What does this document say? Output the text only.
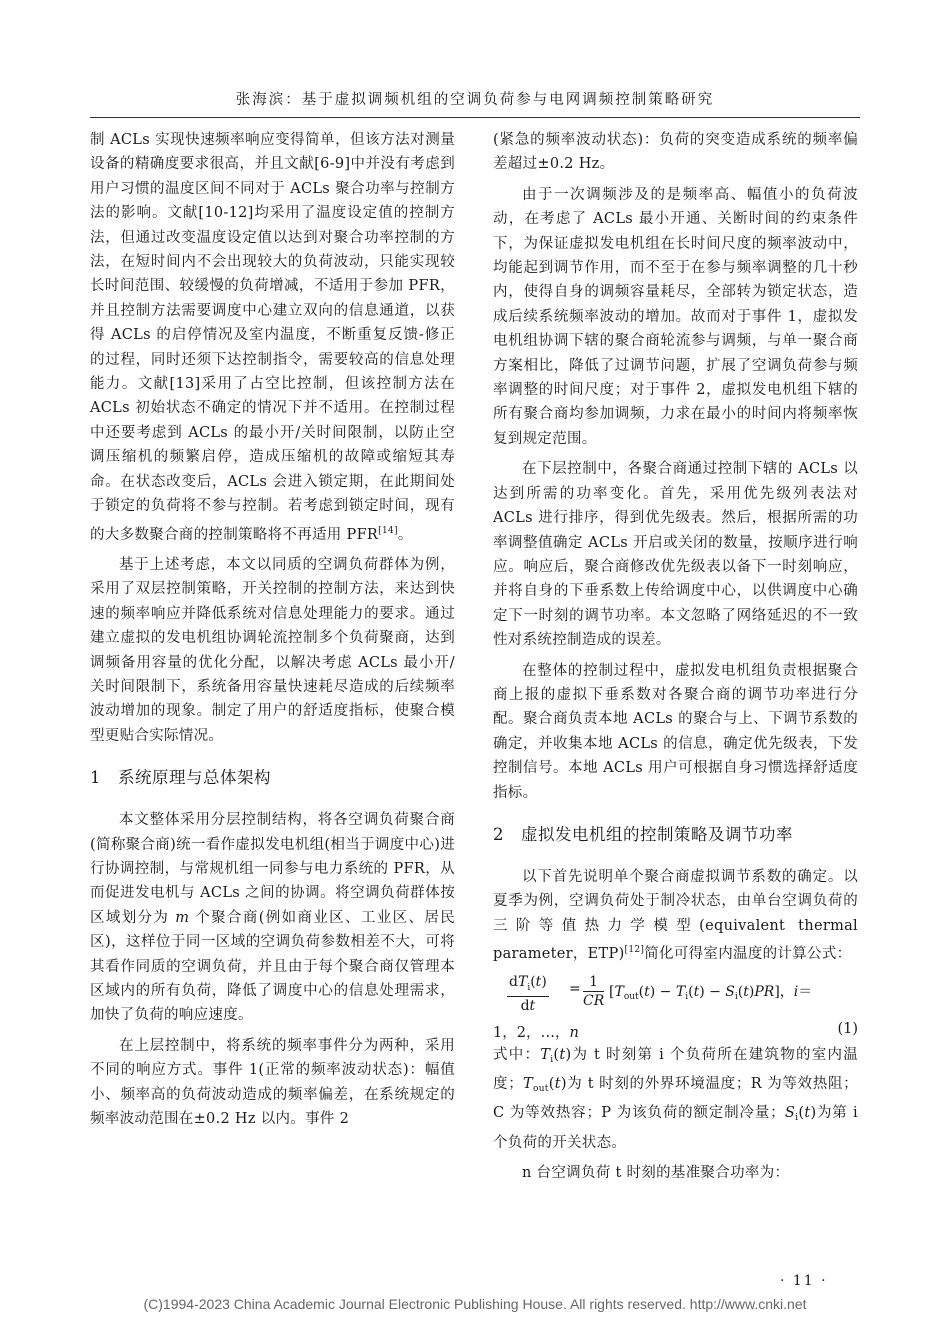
张海滨：基于虚拟调频机组的空调负荷参与电网调频控制策略研究

制 ACLs 实现快速频率响应变得简单，但该方法对测量设备的精确度要求很高，并且文献[6-9]中并没有考虑到用户习惯的温度区间不同对于 ACLs 聚合功率与控制方法的影响。文献[10-12]均采用了温度设定值的控制方法，但通过改变温度设定值以达到对聚合功率控制的方法，在短时间内不会出现较大的负荷波动，只能实现较长时间范围、较缓慢的负荷增减，不适用于参加 PFR，并且控制方法需要调度中心建立双向的信息通道，以获得 ACLs 的启停情况及室内温度，不断重复反馈-修正的过程，同时还须下达控制指令，需要较高的信息处理能力。文献[13]采用了占空比控制，但该控制方法在 ACLs 初始状态不确定的情况下并不适用。在控制过程中还要考虑到 ACLs 的最小开/关时间限制，以防止空调压缩机的频繁启停，造成压缩机的故障或缩短其寿命。在状态改变后，ACLs 会进入锁定期，在此期间处于锁定的负荷将不参与控制。若考虑到锁定时间，现有的大多数聚合商的控制策略将不再适用 PFR[14]。

基于上述考虑，本文以同质的空调负荷群体为例，采用了双层控制策略，开关控制的控制方法，来达到快速的频率响应并降低系统对信息处理能力的要求。通过建立虚拟的发电机组协调轮流控制多个负荷聚商，达到调频备用容量的优化分配，以解决考虑 ACLs 最小开/关时间限制下，系统备用容量快速耗尽造成的后续频率波动增加的现象。制定了用户的舒适度指标，使聚合模型更贴合实际情况。

1 系统原理与总体架构

本文整体采用分层控制结构，将各空调负荷聚合商(简称聚合商)统一看作虚拟发电机组(相当于调度中心)进行协调控制，与常规机组一同参与电力系统的 PFR，从而促进发电机与 ACLs 之间的协调。将空调负荷群体按区域划分为 m 个聚合商(例如商业区、工业区、居民区)，这样位于同一区域的空调负荷参数相差不大，可将其看作同质的空调负荷，并且由于每个聚合商仅管理本区域内的所有负荷，降低了调度中心的信息处理需求，加快了负荷的响应速度。

在上层控制中，将系统的频率事件分为两种，采用不同的响应方式。事件 1(正常的频率波动状态)：幅值小、频率高的负荷波动造成的频率偏差，在系统规定的频率波动范围在±0.2 Hz 以内。事件 2

(紧急的频率波动状态)：负荷的突变造成系统的频率偏差超过±0.2 Hz。

由于一次调频涉及的是频率高、幅值小的负荷波动，在考虑了 ACLs 最小开通、关断时间的约束条件下，为保证虚拟发电机组在长时间尺度的频率波动中，均能起到调节作用，而不至于在参与频率调整的几十秒内，使得自身的调频容量耗尽，全部转为锁定状态，造成后续系统频率波动的增加。故而对于事件 1，虚拟发电机组协调下辖的聚合商轮流参与调频，与单一聚合商方案相比，降低了过调节问题，扩展了空调负荷参与频率调整的时间尺度；对于事件 2，虚拟发电机组下辖的所有聚合商均参加调频，力求在最小的时间内将频率恢复到规定范围。

在下层控制中，各聚合商通过控制下辖的 ACLs 以达到所需的功率变化。首先，采用优先级列表法对 ACLs 进行排序，得到优先级表。然后，根据所需的功率调整值确定 ACLs 开启或关闭的数量，按顺序进行响应。响应后，聚合商修改优先级表以备下一时刻响应，并将自身的下垂系数上传给调度中心，以供调度中心确定下一时刻的调节功率。本文忽略了网络延迟的不一致性对系统控制造成的误差。

在整体的控制过程中，虚拟发电机组负责根据聚合商上报的虚拟下垂系数对各聚合商的调节功率进行分配。聚合商负责本地 ACLs 的聚合与上、下调节系数的确定，并收集本地 ACLs 的信息，确定优先级表，下发控制信号。本地 ACLs 用户可根据自身习惯选择舒适度指标。

2 虚拟发电机组的控制策略及调节功率

以下首先说明单个聚合商虚拟调节系数的确定。以夏季为例，空调负荷处于制冷状态，由单台空调负荷的三阶等值热力学模型(equivalent thermal parameter，ETP)[12]简化可得室内温度的计算公式：

$dT_i(t)$
dt
= $\frac{1}{CR} [T_{out}(t) - T_i(t) - S_i(t)PR]$，i＝
1，2，…，n	(1)

式中：$T_i(t)$为 t 时刻第 i 个负荷所在建筑物的室内温度；$T_{out}(t)$为 t 时刻的外界环境温度；R 为等效热阻；C 为等效热容；P 为该负荷的额定制冷量；$S_i(t)$为第 i 个负荷的开关状态。

n 台空调负荷 t 时刻的基准聚合功率为：

· 11 ·
(C)1994-2023 China Academic Journal Electronic Publishing House. All rights reserved. http://www.cnki.net
